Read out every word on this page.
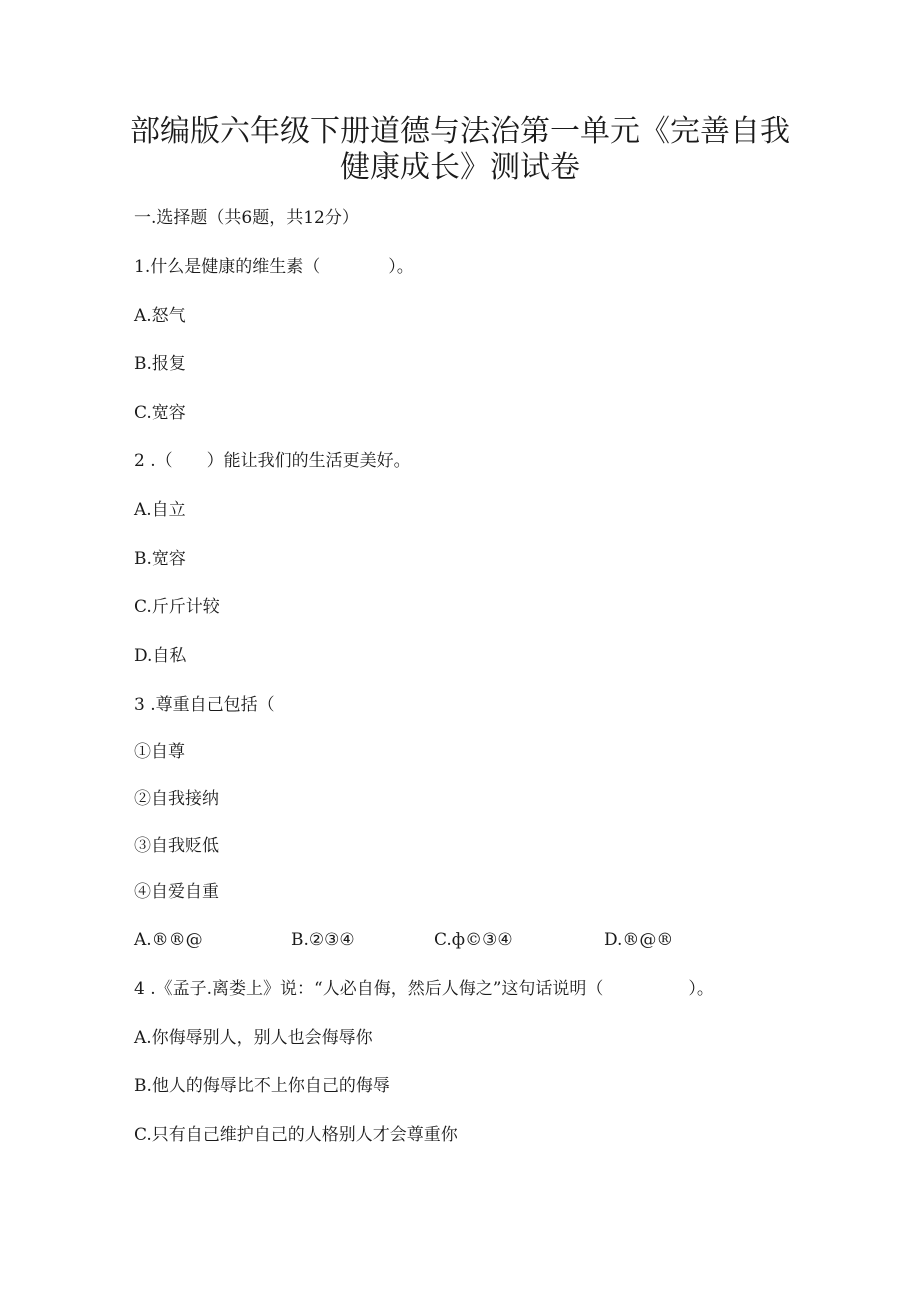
部编版六年级下册道德与法治第一单元《完善自我
健康成长》测试卷
一.选择题（共6题，共12分）
1.什么是健康的维生素（　　　　）。
A.怒气
B.报复
C.宽容
2 .（　　）能让我们的生活更美好。
A.自立
B.宽容
C.斤斤计较
D.自私
3 .尊重自己包括（
①自尊
②自我接纳
③自我贬低
④自爱自重
A.®®@	B.②③④	C.ф©③④	D.®@®
4 .《孟子.离娄上》说：“人必自侮，然后人侮之”这句话说明（　　　　　）。
A.你侮辱别人，别人也会侮辱你
B.他人的侮辱比不上你自己的侮辱
C.只有自己维护自己的人格别人才会尊重你
